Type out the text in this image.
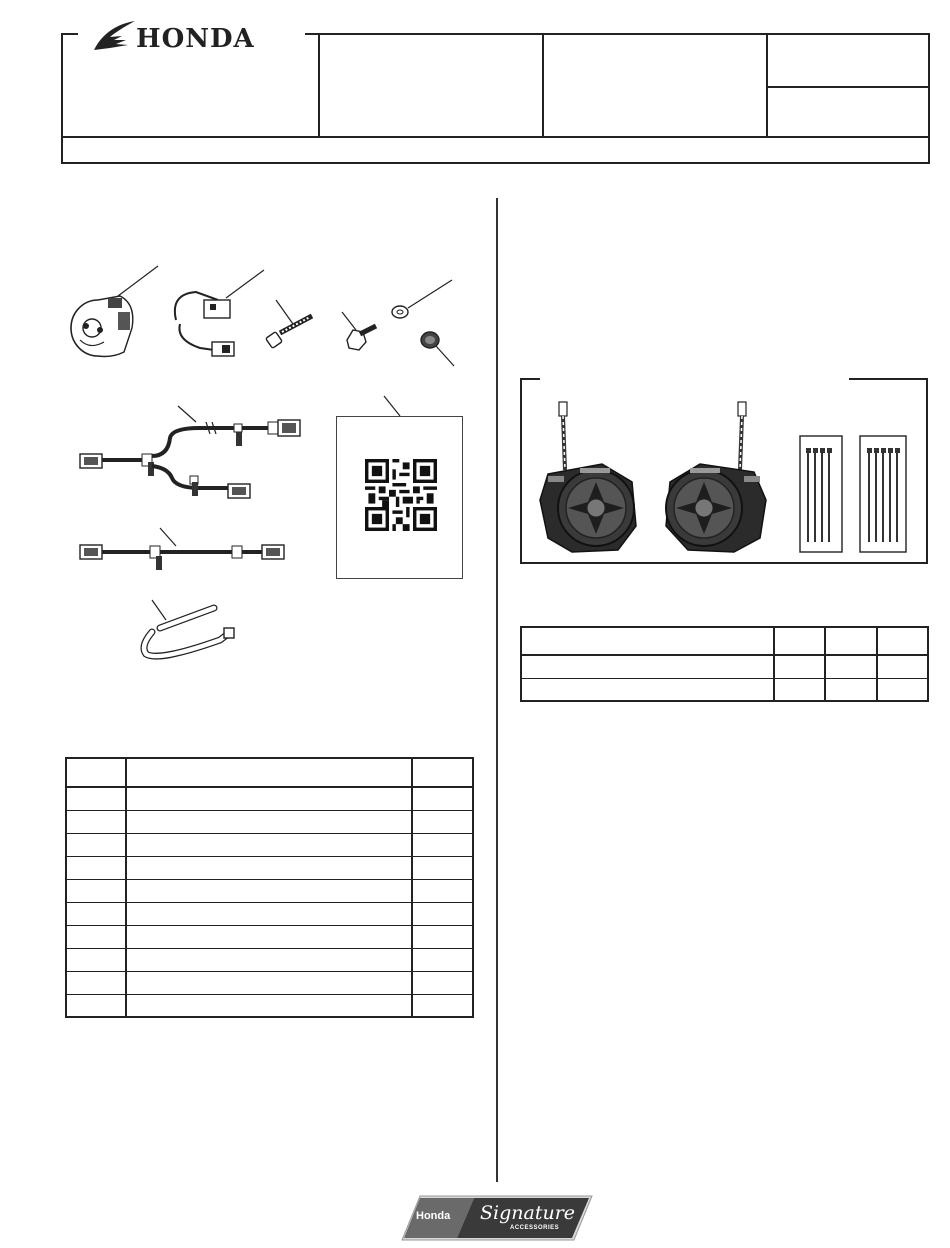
HONDA

Honda Signature
ACCESSORIES
